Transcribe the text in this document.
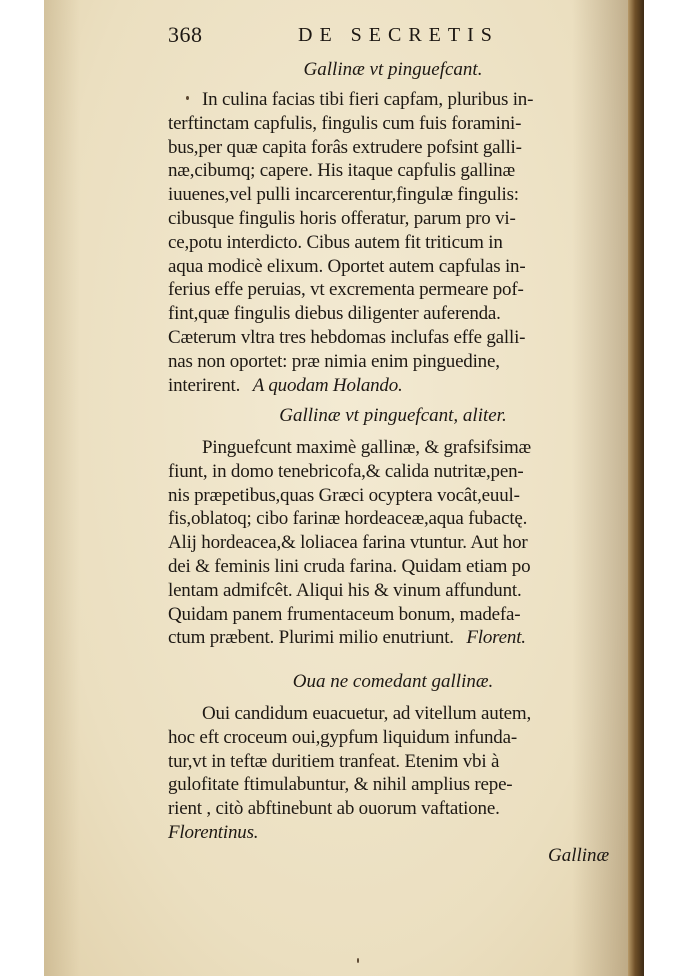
368	DE SECRETIS
Gallinæ vt pinguefcant.
In culina facias tibi fieri capfam, pluribus in-
terftinctam capfulis, fingulis cum fuis foramini-
bus,per quæ capita forâs extrudere pofsint galli-
næ,cibumq; capere. His itaque capfulis gallinæ
iuuenes,vel pulli incarcerentur,fingulæ fingulis:
cibusque fingulis horis offeratur, parum pro vi-
ce,potu interdicto. Cibus autem fit triticum in
aqua modicè elixum. Oportet autem capfulas in-
ferius effe peruias, vt excrementa permeare pof-
fint,quæ fingulis diebus diligenter auferenda.
Cæterum vltra tres hebdomas inclufas effe galli-
nas non oportet: præ nimia enim pinguedine,
interirent. A quodam Holando.
Gallinæ vt pinguefcant, aliter.
Pinguefcunt maximè gallinæ, & grafsifsimæ
fiunt, in domo tenebricofa,& calida nutritæ,pen-
nis præpetibus,quas Græci ocyptera vocât,euul-
fis,oblatoq; cibo farinæ hordeaceæ,aqua fubactę.
Alij hordeacea,& loliacea farina vtuntur. Aut hor
dei & feminis lini cruda farina. Quidam etiam po
lentam admifcêt. Aliqui his & vinum affundunt.
Quidam panem frumentaceum bonum, madefa-
ctum præbent. Plurimi milio enutriunt. Florent.
Oua ne comedant gallinæ.
Oui candidum euacuetur, ad vitellum autem,
hoc eft croceum oui,gypfum liquidum infunda-
tur,vt in teftæ duritiem tranfeat. Etenim vbi à
gulofitate ftimulabuntur, & nihil amplius repe-
rient , citò abftinebunt ab ouorum vaftatione.
Florentinus.
Gallinæ
